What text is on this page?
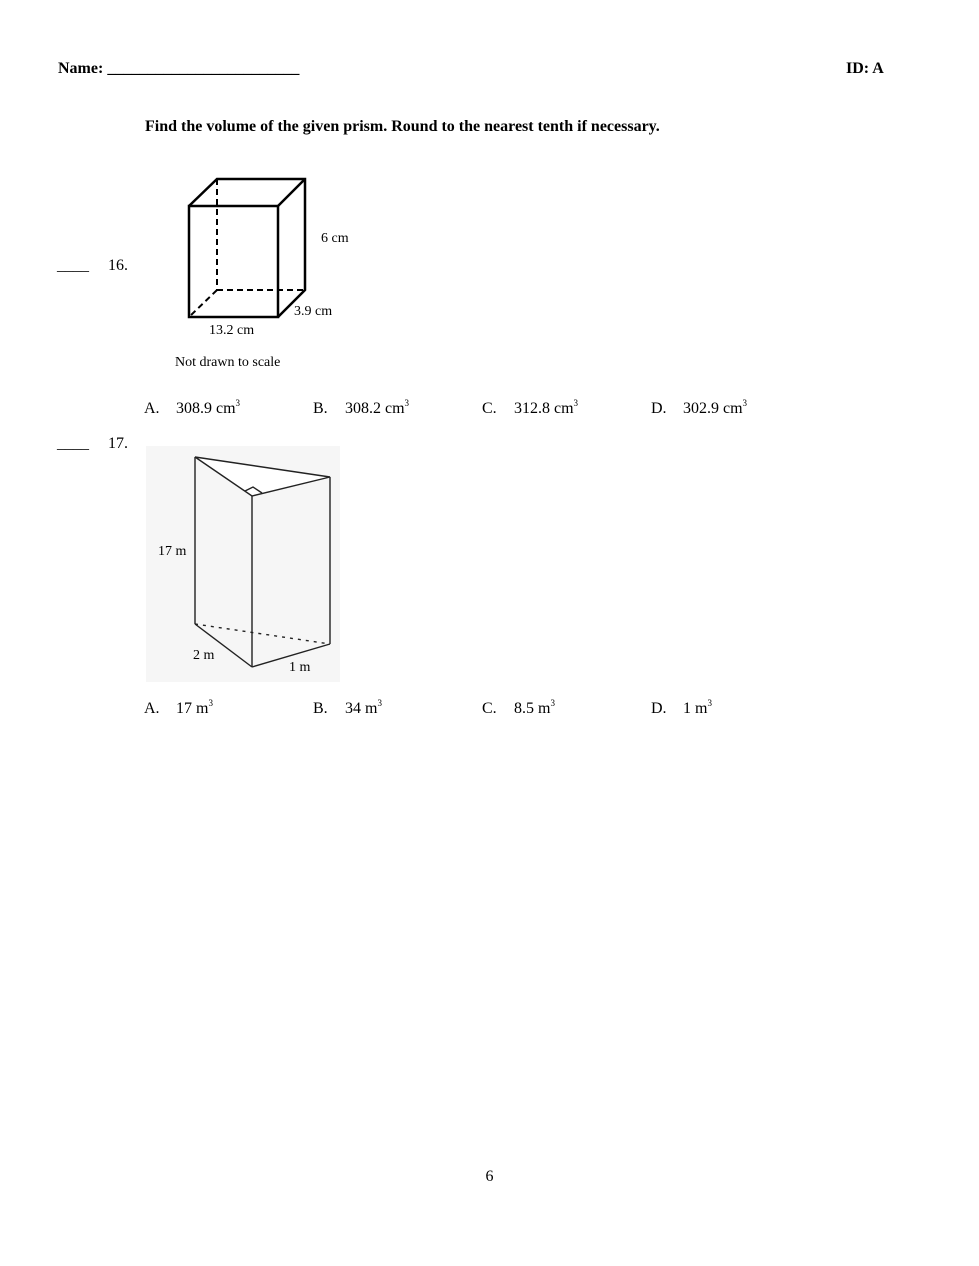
Name: ________________________	ID: A
Find the volume of the given prism. Round to the nearest tenth if necessary.
____ 16.
6 cm
3.9 cm
13.2 cm
Not drawn to scale
A. 308.9 $cm^3$	B. 308.2 $cm^3$	C. 312.8 $cm^3$	D. 302.9 $cm^3$
____ 17.
17 m
2 m
1 m
A. 17 $m^3$	B. 34 $m^3$	C. 8.5 $m^3$	D. 1 $m^3$
6
